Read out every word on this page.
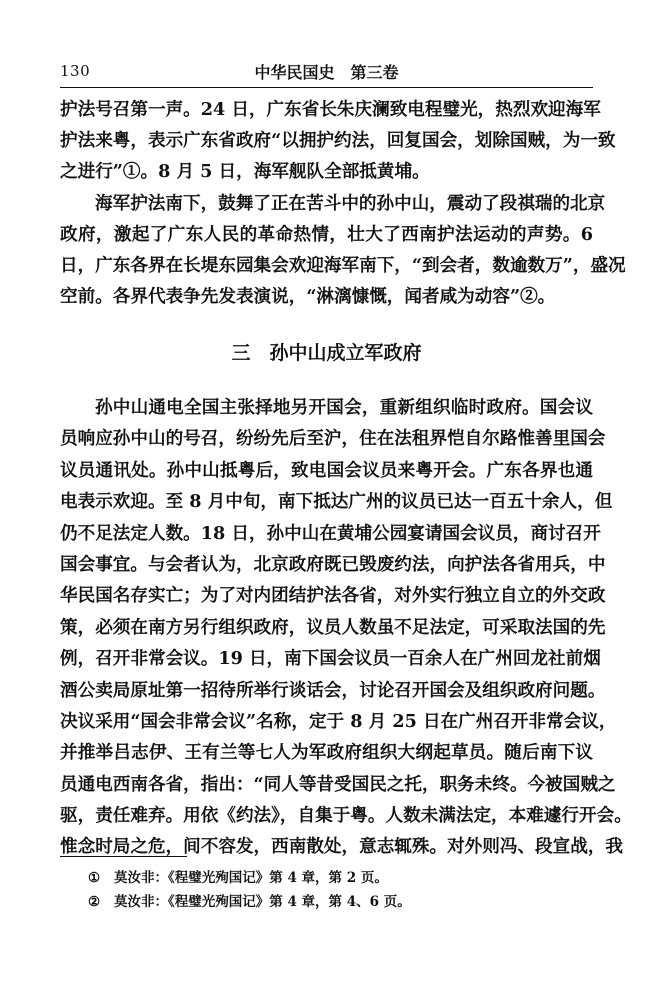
130	中华民国史　第三卷
护法号召第一声。24 日，广东省长朱庆澜致电程璧光，热烈欢迎海军
护法来粤，表示广东省政府“以拥护约法，回复国会，划除国贼，为一致
之进行”①。8 月 5 日，海军舰队全部抵黄埔。
海军护法南下，鼓舞了正在苦斗中的孙中山，震动了段祺瑞的北京
政府，激起了广东人民的革命热情，壮大了西南护法运动的声势。6
日，广东各界在长堤东园集会欢迎海军南下，“到会者，数逾数万”，盛况
空前。各界代表争先发表演说，“淋漓慷慨，闻者咸为动容”②。
三　孙中山成立军政府
孙中山通电全国主张择地另开国会，重新组织临时政府。国会议
员响应孙中山的号召，纷纷先后至沪，住在法租界恺自尔路惟善里国会
议员通讯处。孙中山抵粤后，致电国会议员来粤开会。广东各界也通
电表示欢迎。至 8 月中旬，南下抵达广州的议员已达一百五十余人，但
仍不足法定人数。18 日，孙中山在黄埔公园宴请国会议员，商讨召开
国会事宜。与会者认为，北京政府既已毁废约法，向护法各省用兵，中
华民国名存实亡；为了对内团结护法各省，对外实行独立自立的外交政
策，必须在南方另行组织政府，议员人数虽不足法定，可采取法国的先
例，召开非常会议。19 日，南下国会议员一百余人在广州回龙社前烟
酒公卖局原址第一招待所举行谈话会，讨论召开国会及组织政府问题。
决议采用“国会非常会议”名称，定于 8 月 25 日在广州召开非常会议，
并推举吕志伊、王有兰等七人为军政府组织大纲起草员。随后南下议
员通电西南各省，指出：“同人等昔受国民之托，职务未终。今被国贼之
驱，责任难弃。用依《约法》，自集于粤。人数未满法定，本难遽行开会。
惟念时局之危，间不容发，西南散处，意志辄殊。对外则冯、段宣战，我
① 莫汝非：《程璧光殉国记》第 4 章，第 2 页。
② 莫汝非：《程璧光殉国记》第 4 章，第 4、6 页。
